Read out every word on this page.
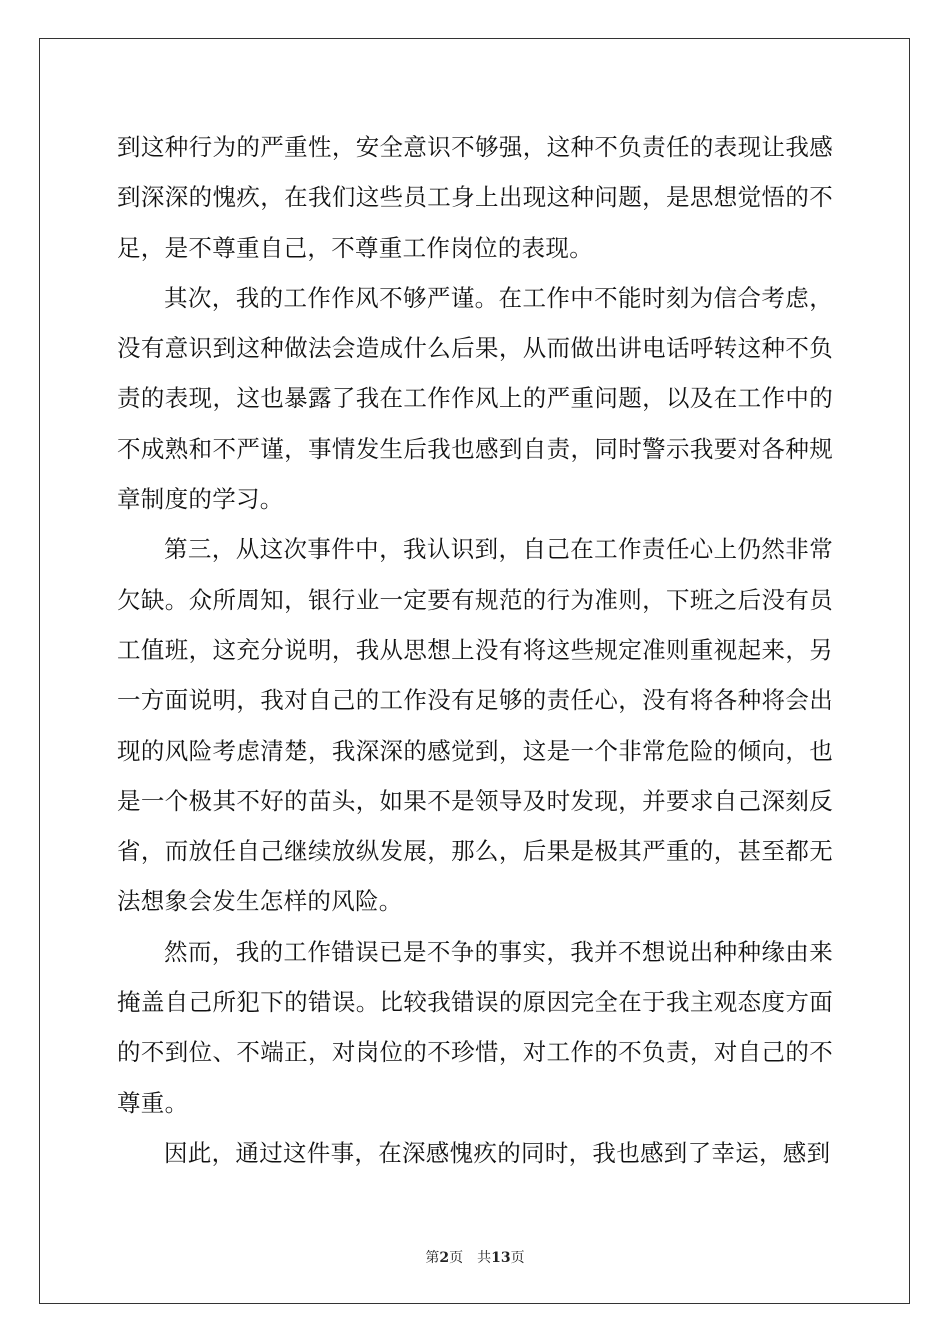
到这种行为的严重性，安全意识不够强，这种不负责任的表现让我感到深深的愧疚，在我们这些员工身上出现这种问题，是思想觉悟的不足，是不尊重自己，不尊重工作岗位的表现。

其次，我的工作作风不够严谨。在工作中不能时刻为信合考虑，没有意识到这种做法会造成什么后果，从而做出讲电话呼转这种不负责的表现，这也暴露了我在工作作风上的严重问题，以及在工作中的不成熟和不严谨，事情发生后我也感到自责，同时警示我要对各种规章制度的学习。

第三，从这次事件中，我认识到，自己在工作责任心上仍然非常欠缺。众所周知，银行业一定要有规范的行为准则，下班之后没有员工值班，这充分说明，我从思想上没有将这些规定准则重视起来，另一方面说明，我对自己的工作没有足够的责任心，没有将各种将会出现的风险考虑清楚，我深深的感觉到，这是一个非常危险的倾向，也是一个极其不好的苗头，如果不是领导及时发现，并要求自己深刻反省，而放任自己继续放纵发展，那么，后果是极其严重的，甚至都无法想象会发生怎样的风险。

然而，我的工作错误已是不争的事实，我并不想说出种种缘由来掩盖自己所犯下的错误。比较我错误的原因完全在于我主观态度方面的不到位、不端正，对岗位的不珍惜，对工作的不负责，对自己的不尊重。

因此，通过这件事，在深感愧疚的同时，我也感到了幸运，感到

第2页 共13页
